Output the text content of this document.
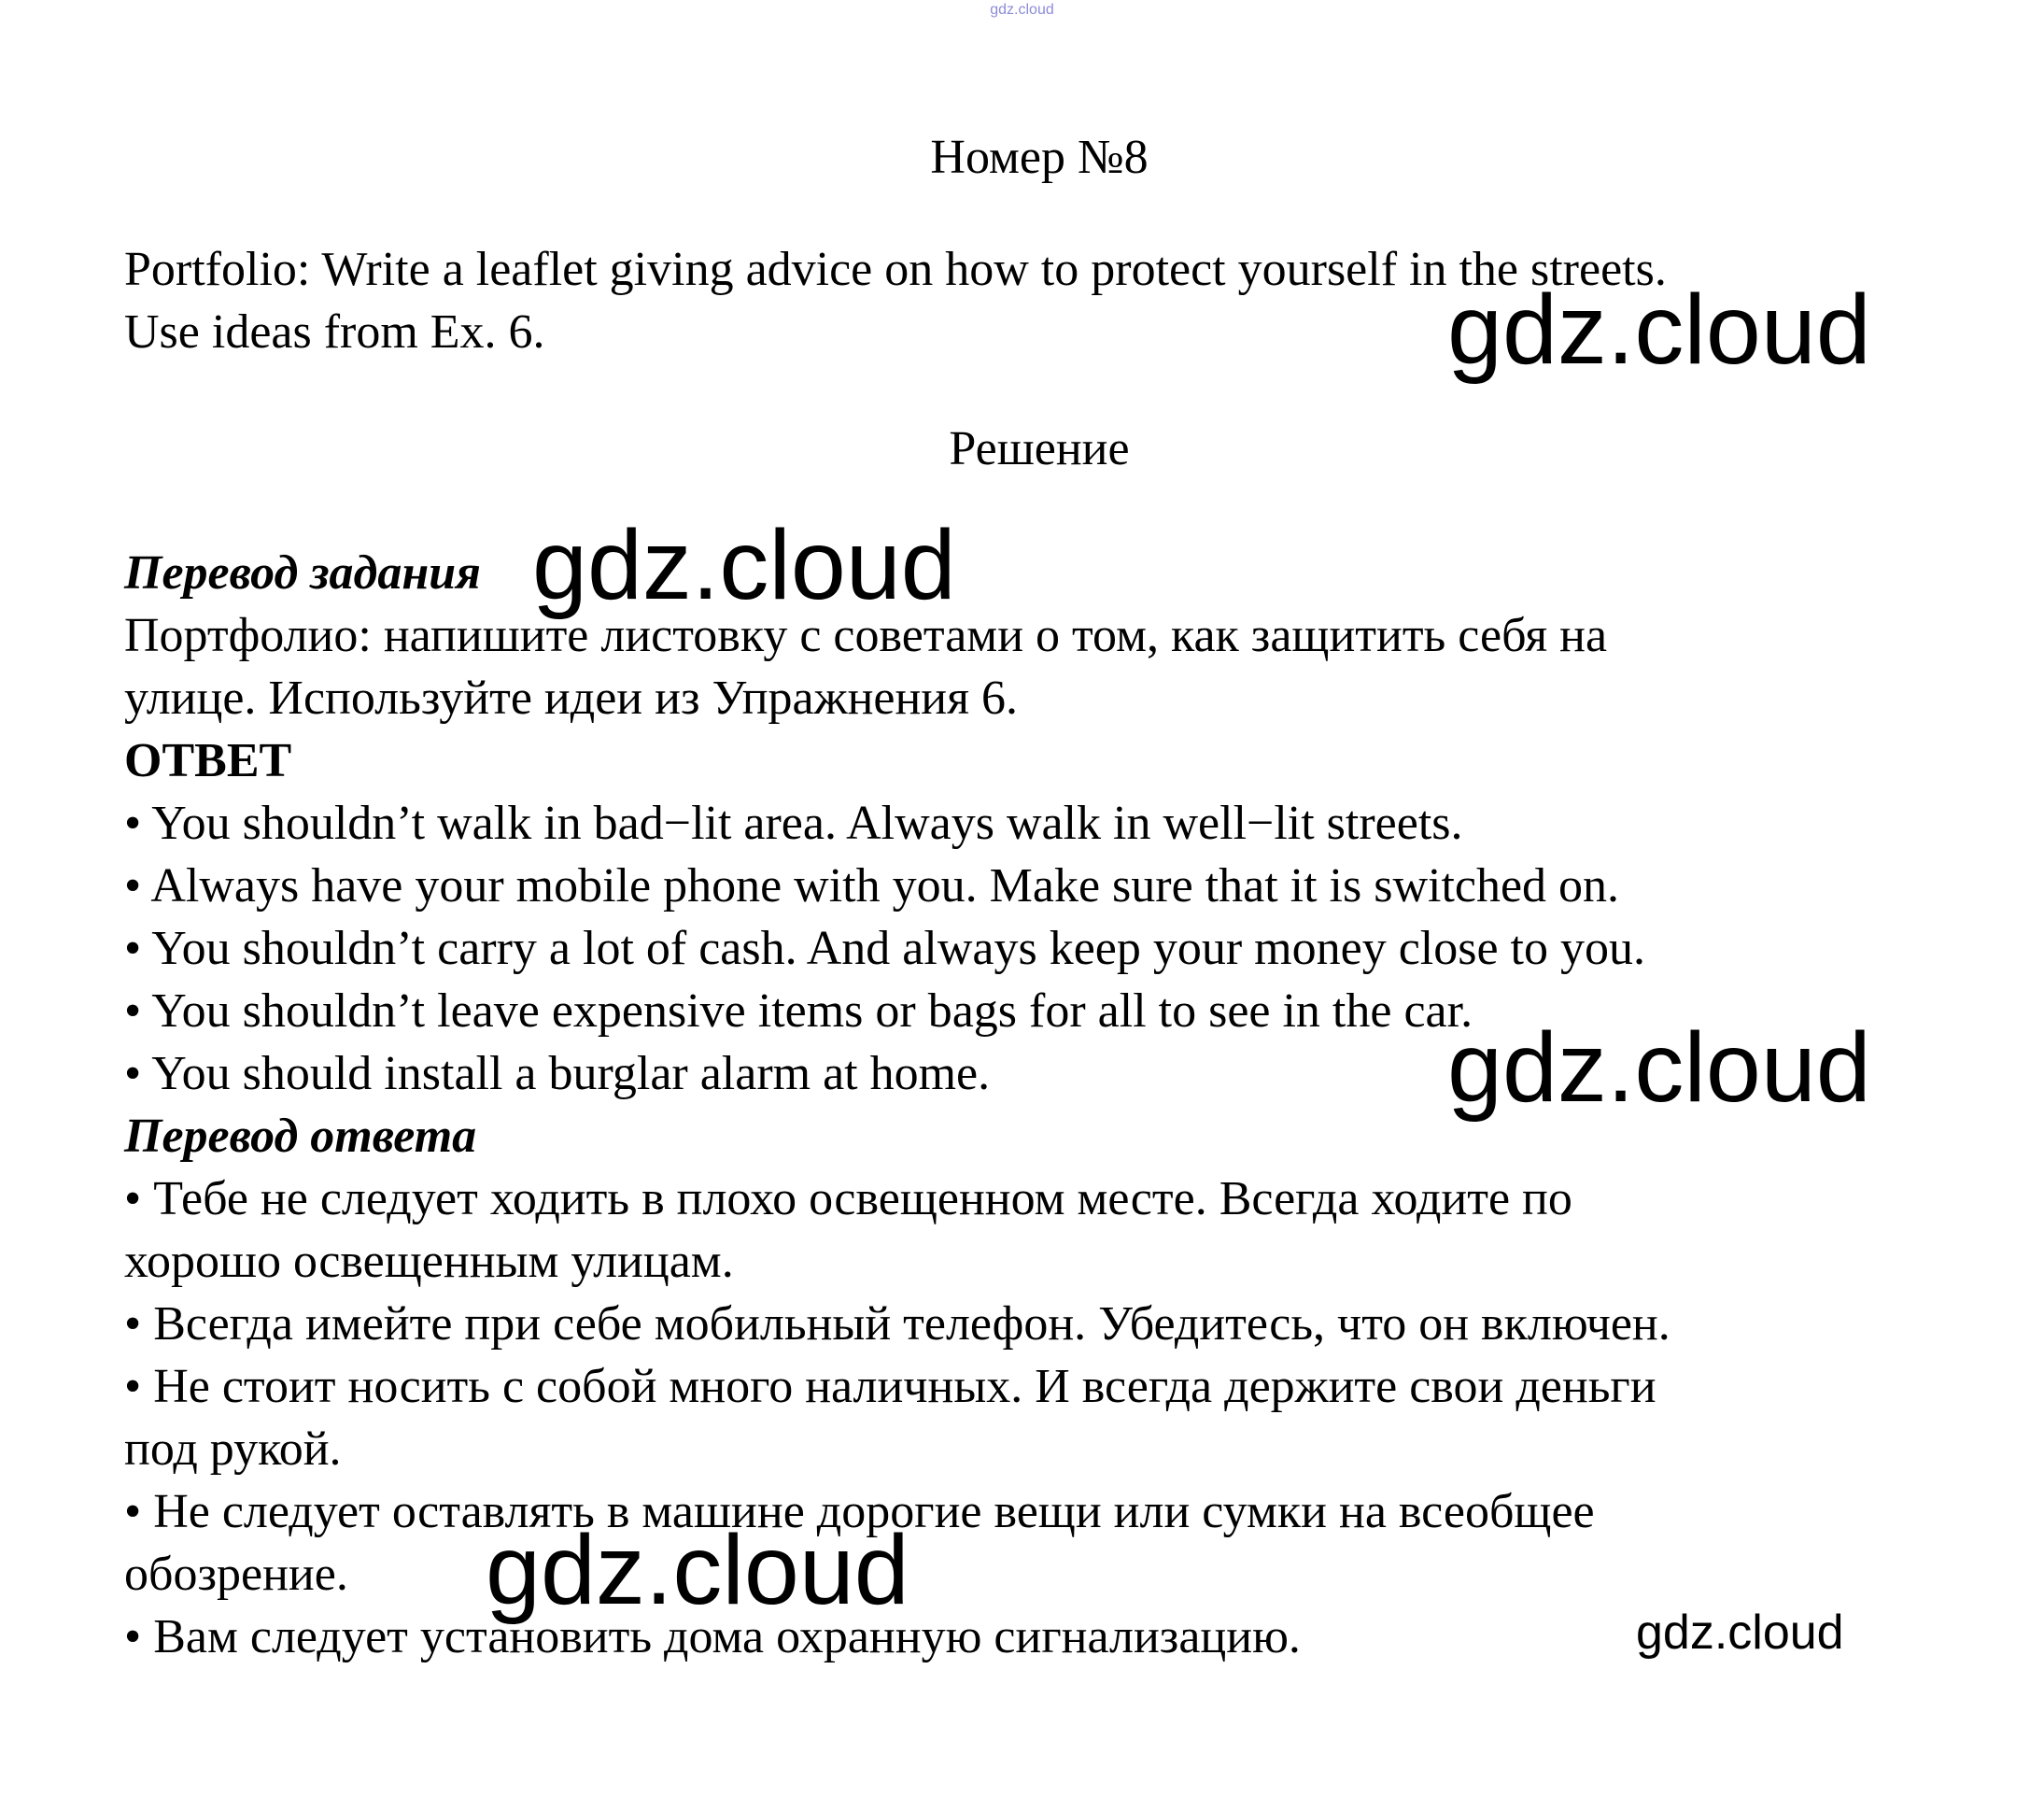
gdz.cloud
Номер №8

Portfolio: Write a leaflet giving advice on how to protect yourself in the streets.

Use ideas from Ex. 6.

Решение

Перевод задания

Портфолио: напишите листовку с советами о том, как защитить себя на

улице. Используйте идеи из Упражнения 6.

ОТВЕТ

• You shouldn’t walk in bad−lit area. Always walk in well−lit streets.

• Always have your mobile phone with you. Make sure that it is switched on.

• You shouldn’t carry a lot of cash. And always keep your money close to you.

• You shouldn’t leave expensive items or bags for all to see in the car.

• You should install a burglar alarm at home.

Перевод ответа

• Тебе не следует ходить в плохо освещенном месте. Всегда ходите по

хорошо освещенным улицам.

• Всегда имейте при себе мобильный телефон. Убедитесь, что он включен.

• Не стоит носить с собой много наличных. И всегда держите свои деньги

под рукой.

• Не следует оставлять в машине дорогие вещи или сумки на всеобщее

обозрение.

• Вам следует установить дома охранную сигнализацию.

gdz.cloud
gdz.cloud
gdz.cloud
gdz.cloud
gdz.cloud
